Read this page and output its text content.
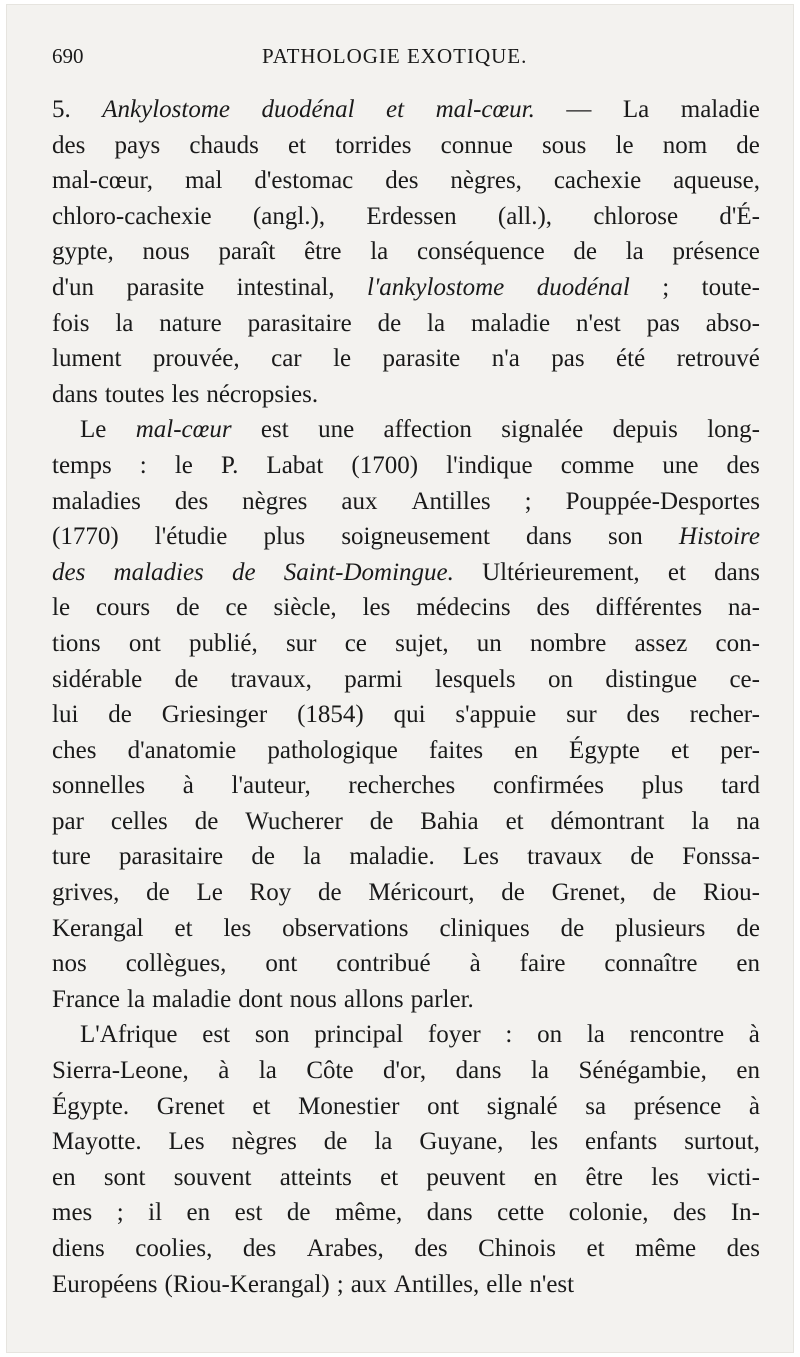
690	PATHOLOGIE EXOTIQUE.
5. Ankylostome duodénal et mal-cœur. — La maladie
des pays chauds et torrides connue sous le nom de
mal-cœur, mal d'estomac des nègres, cachexie aqueuse,
chloro-cachexie (angl.), Erdessen (all.), chlorose d'É-
gypte, nous paraît être la conséquence de la présence
d'un parasite intestinal, l'ankylostome duodénal ; toute-
fois la nature parasitaire de la maladie n'est pas abso-
lument prouvée, car le parasite n'a pas été retrouvé
dans toutes les nécropsies.
Le mal-cœur est une affection signalée depuis long-
temps : le P. Labat (1700) l'indique comme une des
maladies des nègres aux Antilles ; Pouppée-Desportes
(1770) l'étudie plus soigneusement dans son Histoire
des maladies de Saint-Domingue. Ultérieurement, et dans
le cours de ce siècle, les médecins des différentes na-
tions ont publié, sur ce sujet, un nombre assez con-
sidérable de travaux, parmi lesquels on distingue ce-
lui de Griesinger (1854) qui s'appuie sur des recher-
ches d'anatomie pathologique faites en Égypte et per-
sonnelles à l'auteur, recherches confirmées plus tard
par celles de Wucherer de Bahia et démontrant la na
ture parasitaire de la maladie. Les travaux de Fonssa-
grives, de Le Roy de Méricourt, de Grenet, de Riou-
Kerangal et les observations cliniques de plusieurs de
nos collègues, ont contribué à faire connaître en
France la maladie dont nous allons parler.
L'Afrique est son principal foyer : on la rencontre à
Sierra-Leone, à la Côte d'or, dans la Sénégambie, en
Égypte. Grenet et Monestier ont signalé sa présence à
Mayotte. Les nègres de la Guyane, les enfants surtout,
en sont souvent atteints et peuvent en être les victi-
mes ; il en est de même, dans cette colonie, des In-
diens coolies, des Arabes, des Chinois et même des
Européens (Riou-Kerangal) ; aux Antilles, elle n'est
